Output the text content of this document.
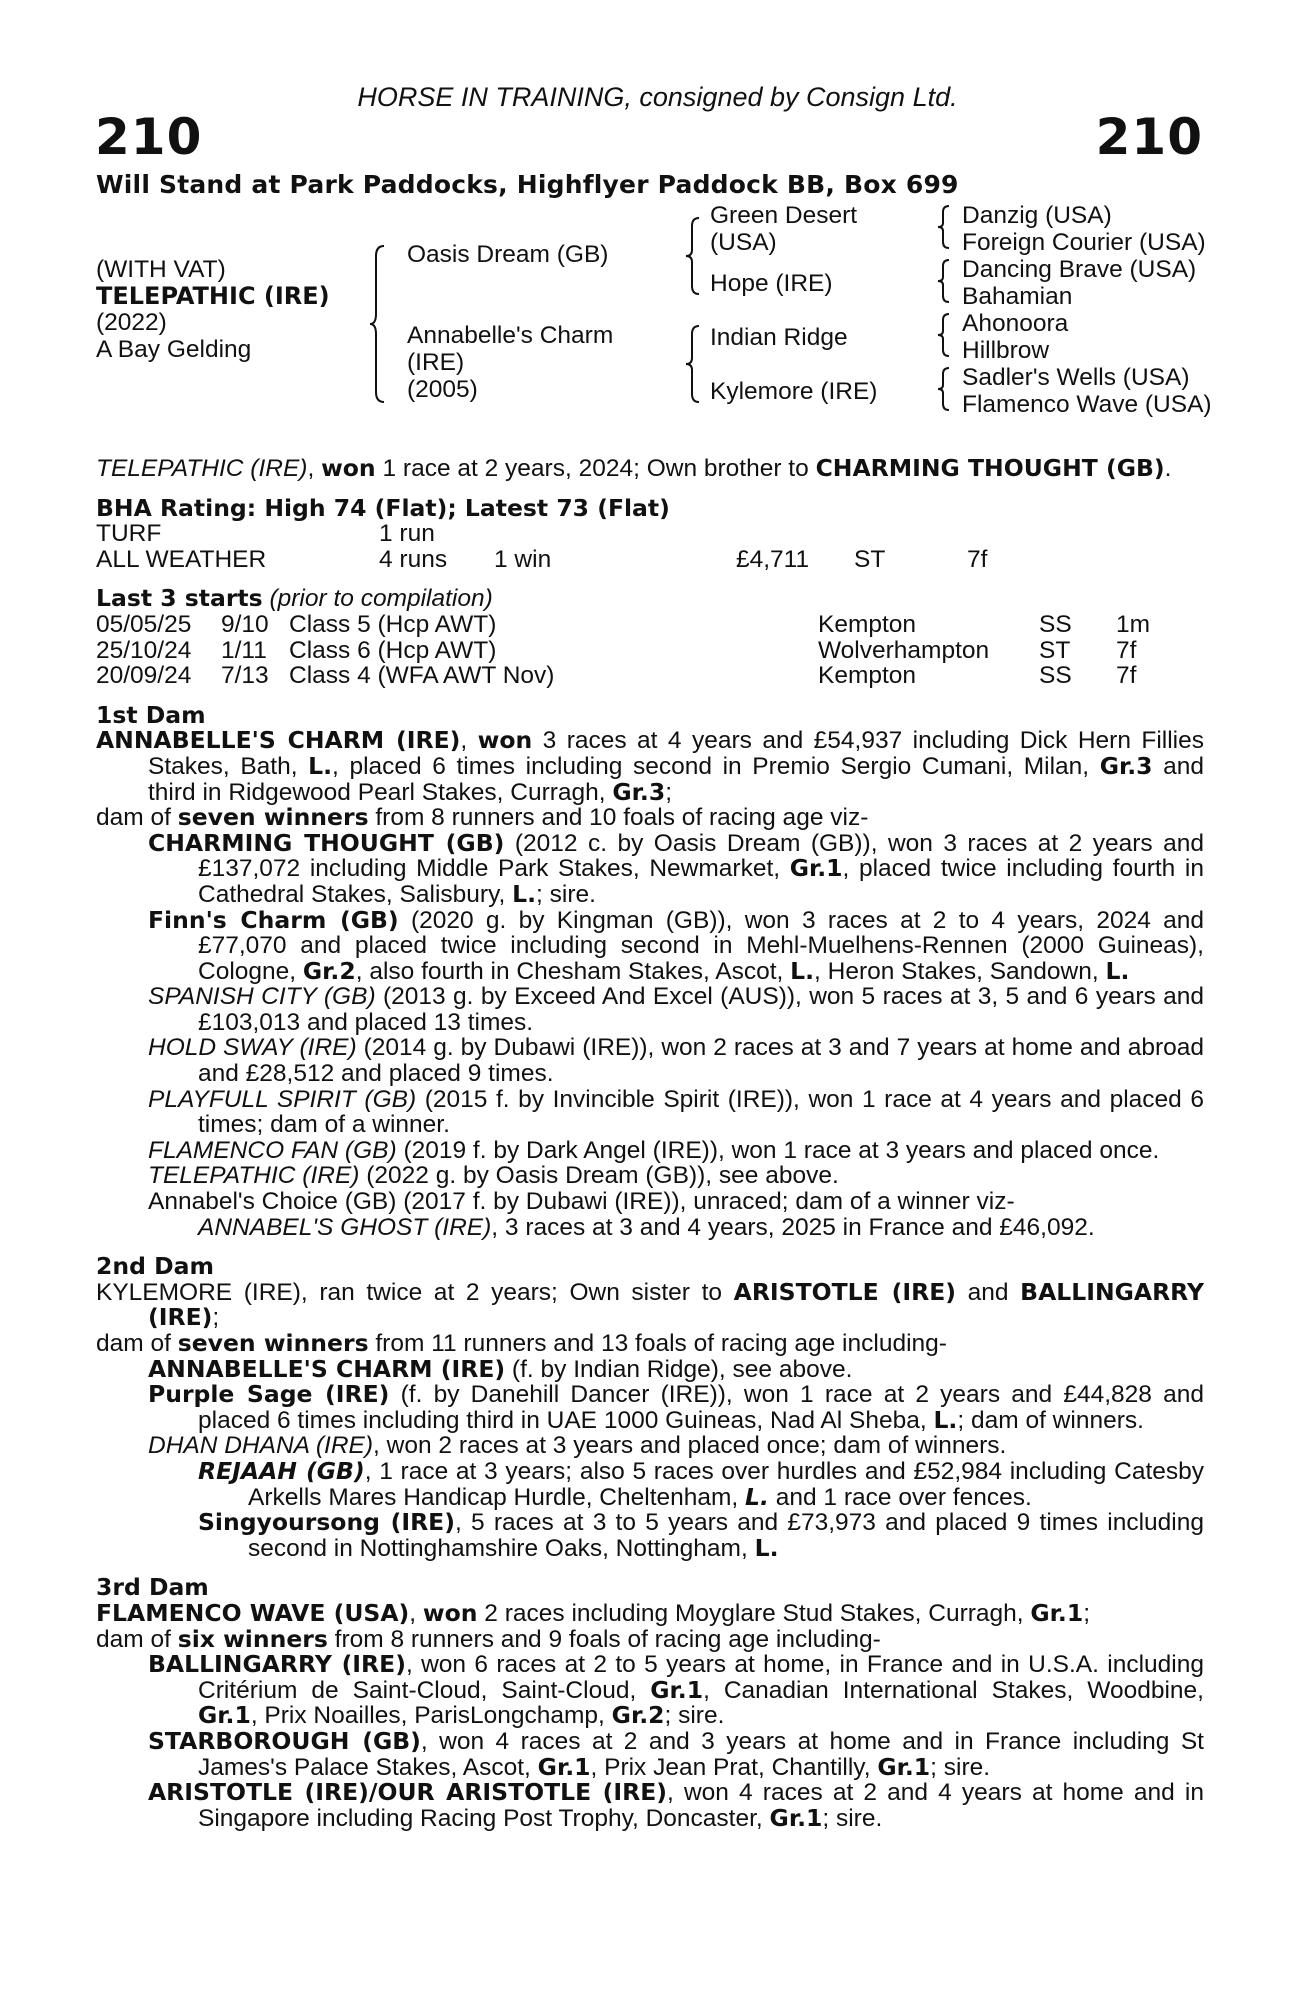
HORSE IN TRAINING, consigned by Consign Ltd.
210	210
Will Stand at Park Paddocks, Highflyer Paddock BB, Box 699
(WITH VAT)
TELEPATHIC (IRE)
(2022)
A Bay Gelding
Oasis Dream (GB)
Annabelle's Charm
(IRE)
(2005)
Green Desert
(USA)
Hope (IRE)
Indian Ridge
Kylemore (IRE)
Danzig (USA)
Foreign Courier (USA)
Dancing Brave (USA)
Bahamian
Ahonoora
Hillbrow
Sadler's Wells (USA)
Flamenco Wave (USA)

TELEPATHIC (IRE), won 1 race at 2 years, 2024; Own brother to CHARMING THOUGHT (GB).

BHA Rating: High 74 (Flat); Latest 73 (Flat)
TURF	1 run
ALL WEATHER	4 runs 1 win	£4,711 ST	7f
Last 3 starts (prior to compilation)
05/05/25 9/10 Class 5 (Hcp AWT)	Kempton	SS 1m
25/10/24 1/11 Class 6 (Hcp AWT)	Wolverhampton ST 7f
20/09/24 7/13 Class 4 (WFA AWT Nov)	Kempton	SS 7f
1st Dam

ANNABELLE'S CHARM (IRE), won 3 races at 4 years and £54,937 including Dick Hern Fillies Stakes, Bath, L., placed 6 times including second in Premio Sergio Cumani, Milan, Gr.3 and third in Ridgewood Pearl Stakes, Curragh, Gr.3;

dam of seven winners from 8 runners and 10 foals of racing age viz-

CHARMING THOUGHT (GB) (2012 c. by Oasis Dream (GB)), won 3 races at 2 years and £137,072 including Middle Park Stakes, Newmarket, Gr.1, placed twice including fourth in Cathedral Stakes, Salisbury, L.; sire.

Finn's Charm (GB) (2020 g. by Kingman (GB)), won 3 races at 2 to 4 years, 2024 and £77,070 and placed twice including second in Mehl-Muelhens-Rennen (2000 Guineas), Cologne, Gr.2, also fourth in Chesham Stakes, Ascot, L., Heron Stakes, Sandown, L.

SPANISH CITY (GB) (2013 g. by Exceed And Excel (AUS)), won 5 races at 3, 5 and 6 years and £103,013 and placed 13 times.

HOLD SWAY (IRE) (2014 g. by Dubawi (IRE)), won 2 races at 3 and 7 years at home and abroad and £28,512 and placed 9 times.

PLAYFULL SPIRIT (GB) (2015 f. by Invincible Spirit (IRE)), won 1 race at 4 years and placed 6 times; dam of a winner.

FLAMENCO FAN (GB) (2019 f. by Dark Angel (IRE)), won 1 race at 3 years and placed once.

TELEPATHIC (IRE) (2022 g. by Oasis Dream (GB)), see above.

Annabel's Choice (GB) (2017 f. by Dubawi (IRE)), unraced; dam of a winner viz-

ANNABEL'S GHOST (IRE), 3 races at 3 and 4 years, 2025 in France and £46,092.

2nd Dam

KYLEMORE (IRE), ran twice at 2 years; Own sister to ARISTOTLE (IRE) and BALLINGARRY (IRE);

dam of seven winners from 11 runners and 13 foals of racing age including-

ANNABELLE'S CHARM (IRE) (f. by Indian Ridge), see above.

Purple Sage (IRE) (f. by Danehill Dancer (IRE)), won 1 race at 2 years and £44,828 and placed 6 times including third in UAE 1000 Guineas, Nad Al Sheba, L.; dam of winners.

DHAN DHANA (IRE), won 2 races at 3 years and placed once; dam of winners.

REJAAH (GB), 1 race at 3 years; also 5 races over hurdles and £52,984 including Catesby Arkells Mares Handicap Hurdle, Cheltenham, L. and 1 race over fences.

Singyoursong (IRE), 5 races at 3 to 5 years and £73,973 and placed 9 times including second in Nottinghamshire Oaks, Nottingham, L.

3rd Dam

FLAMENCO WAVE (USA), won 2 races including Moyglare Stud Stakes, Curragh, Gr.1;

dam of six winners from 8 runners and 9 foals of racing age including-

BALLINGARRY (IRE), won 6 races at 2 to 5 years at home, in France and in U.S.A. including Critérium de Saint-Cloud, Saint-Cloud, Gr.1, Canadian International Stakes, Woodbine, Gr.1, Prix Noailles, ParisLongchamp, Gr.2; sire.

STARBOROUGH (GB), won 4 races at 2 and 3 years at home and in France including St James's Palace Stakes, Ascot, Gr.1, Prix Jean Prat, Chantilly, Gr.1; sire.

ARISTOTLE (IRE)/OUR ARISTOTLE (IRE), won 4 races at 2 and 4 years at home and in Singapore including Racing Post Trophy, Doncaster, Gr.1; sire.
